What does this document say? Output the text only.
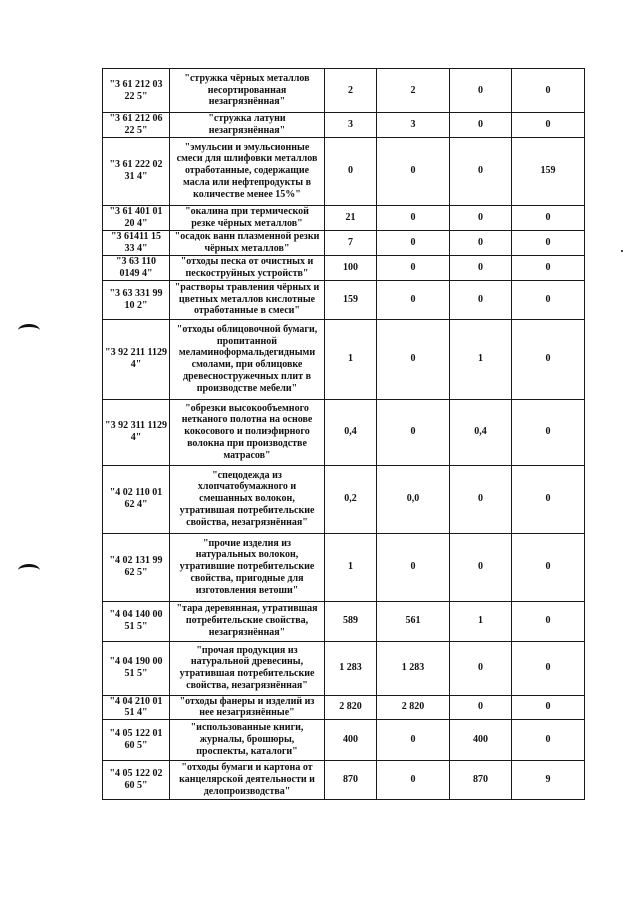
"3 61 212 03 22 5"	"стружка чёрных металлов несортированная незагрязнённая"	2	2	0	0
"3 61 212 06 22 5"	"стружка латуни незагрязнённая"	3	3	0	0
"3 61 222 02 31 4"	"эмульсии и эмульсионные смеси для шлифовки металлов отработанные, содержащие масла или нефтепродукты в количестве менее 15%"	0	0	0	159
"3 61 401 01 20 4"	"окалина при термической резке чёрных металлов"	21	0	0	0
"3 61411 15 33 4"	"осадок ванн плазменной резки чёрных металлов"	7	0	0	0
"3 63 110 0149 4"	"отходы песка от очистных и пескоструйных устройств"	100	0	0	0
"3 63 331 99 10 2"	"растворы травления чёрных и цветных металлов кислотные отработанные в смеси"	159	0	0	0
"3 92 211 1129 4"	"отходы облицовочной бумаги, пропитанной меламиноформальдегидными смолами, при облицовке древесностружечных плит в производстве мебели"	1	0	1	0
"3 92 311 1129 4"	"обрезки высокообъемного нетканого полотна на основе кокосового и полиэфирного волокна при производстве матрасов"	0,4	0	0,4	0
"4 02 110 01 62 4"	"спецодежда из хлопчатобумажного и смешанных волокон, утратившая потребительские свойства, незагрязнённая"	0,2	0,0	0	0
"4 02 131 99 62 5"	"прочие изделия из натуральных волокон, утратившие потребительские свойства, пригодные для изготовления ветоши"	1	0	0	0
"4 04 140 00 51 5"	"тара деревянная, утратившая потребительские свойства, незагрязнённая"	589	561	1	0
"4 04 190 00 51 5"	"прочая продукция из натуральной древесины, утратившая потребительские свойства, незагрязнённая"	1 283	1 283	0	0
"4 04 210 01 51 4"	"отходы фанеры и изделий из нее незагрязнённые"	2 820	2 820	0	0
"4 05 122 01 60 5"	"использованные книги, журналы, брошюры, проспекты, каталоги"	400	0	400	0
"4 05 122 02 60 5"	"отходы бумаги и картона от канцелярской деятельности и делопроизводства"	870	0	870	9
